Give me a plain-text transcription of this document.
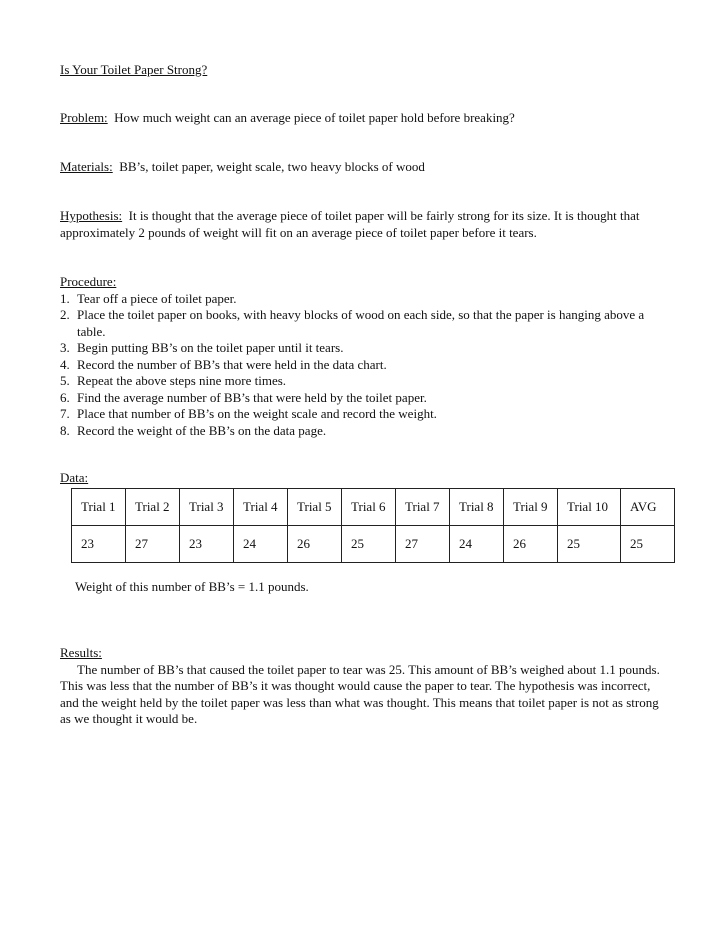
Is Your Toilet Paper Strong?
Problem: How much weight can an average piece of toilet paper hold before breaking?
Materials: BB’s, toilet paper, weight scale, two heavy blocks of wood

Hypothesis: It is thought that the average piece of toilet paper will be fairly strong for its size. It is thought that approximately 2 pounds of weight will fit on an average piece of toilet paper before it tears.

Procedure:
1. Tear off a piece of toilet paper.
2. Place the toilet paper on books, with heavy blocks of wood on each side, so that the paper is hanging above a table.
3. Begin putting BB’s on the toilet paper until it tears.
4. Record the number of BB’s that were held in the data chart.
5. Repeat the above steps nine more times.
6. Find the average number of BB’s that were held by the toilet paper.
7. Place that number of BB’s on the weight scale and record the weight.
8. Record the weight of the BB’s on the data page.
Data:
Trial 1	Trial 2	Trial 3	Trial 4	Trial 5	Trial 6	Trial 7	Trial 8	Trial 9	Trial 10	AVG
23	27	23	24	26	25	27	24	26	25	25
Weight of this number of BB’s = 1.1 pounds.
Results:

The number of BB’s that caused the toilet paper to tear was 25. This amount of BB’s weighed about 1.1 pounds. This was less that the number of BB’s it was thought would cause the paper to tear. The hypothesis was incorrect, and the weight held by the toilet paper was less than what was thought. This means that toilet paper is not as strong as we thought it would be.
